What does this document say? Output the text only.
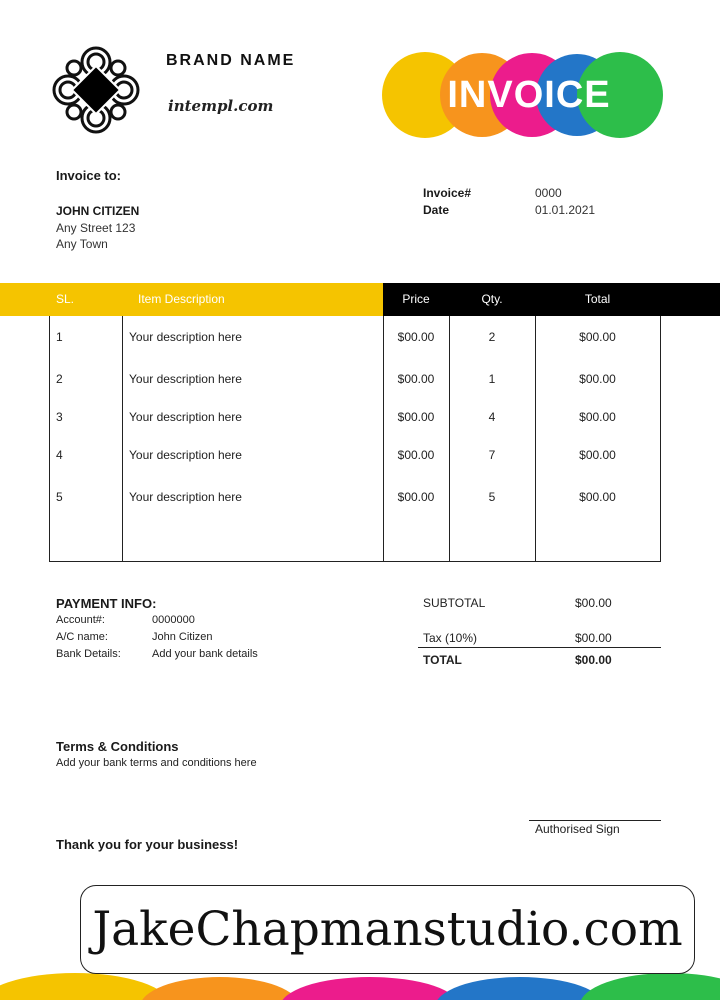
BRAND NAME
intempl.com	INVOICE
Invoice to:
JOHN CITIZEN
Any Street 123
Any Town
Invoice#	0000
Date	01.01.2021
SL.	Item Description	Price	Qty.	Total
1	Your description here	$00.00	2	$00.00
2	Your description here	$00.00	1	$00.00
3	Your description here	$00.00	4	$00.00
4	Your description here	$00.00	7	$00.00
5	Your description here	$00.00	5	$00.00
PAYMENT INFO:
Account#:	0000000
A/C name:	John Citizen
Bank Details:	Add your bank details
SUBTOTAL	$00.00
Tax (10%)	$00.00
TOTAL	$00.00
Terms & Conditions
Add your bank terms and conditions here
Authorised Sign
Thank you for your business!
JakeChapmanstudio.com
